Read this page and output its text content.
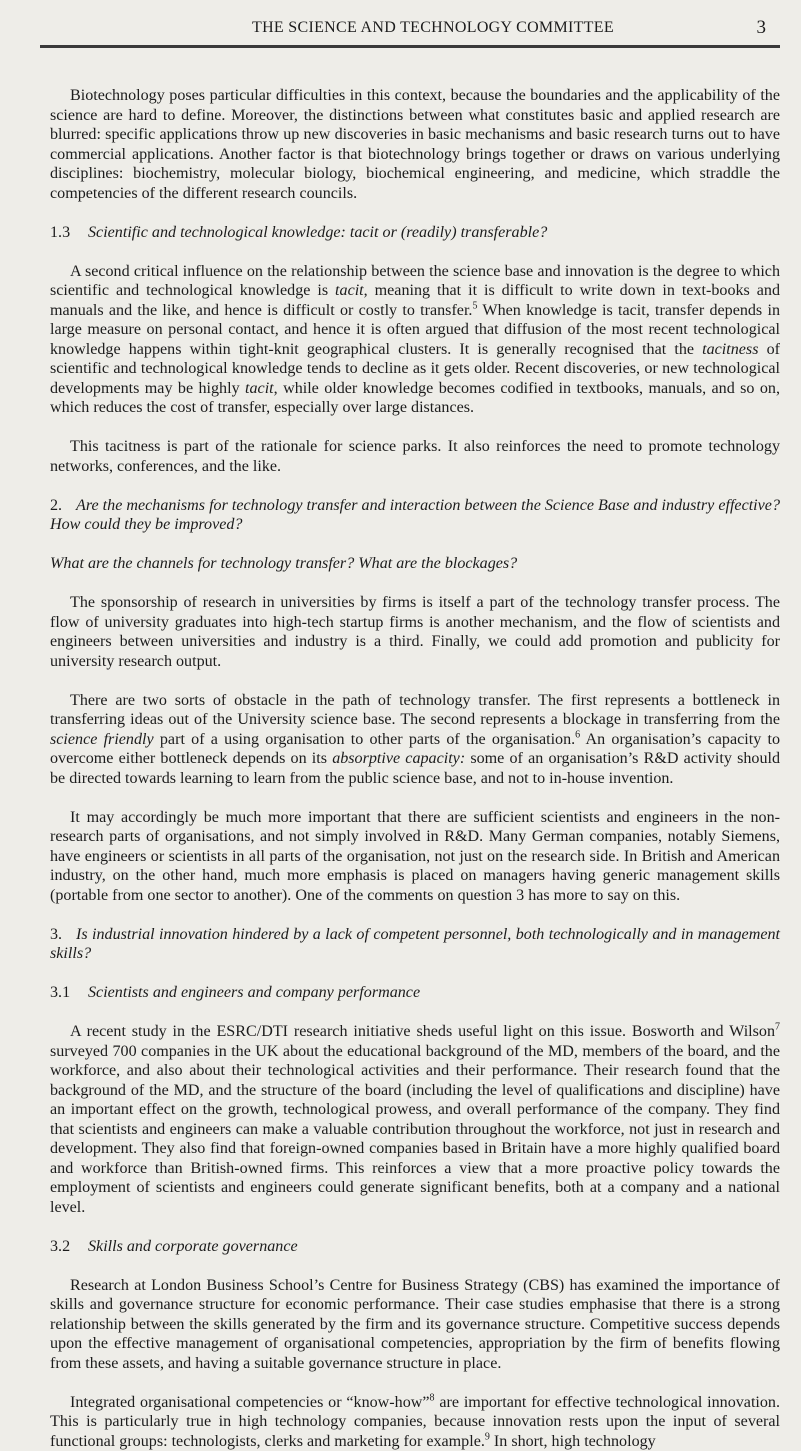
THE SCIENCE AND TECHNOLOGY COMMITTEE	3

Biotechnology poses particular difficulties in this context, because the boundaries and the applicability of the science are hard to define. Moreover, the distinctions between what constitutes basic and applied research are blurred: specific applications throw up new discoveries in basic mechanisms and basic research turns out to have commercial applications. Another factor is that biotechnology brings together or draws on various underlying disciplines: biochemistry, molecular biology, biochemical engineering, and medicine, which straddle the competencies of the different research councils.

1.3 Scientific and technological knowledge: tacit or (readily) transferable?

A second critical influence on the relationship between the science base and innovation is the degree to which scientific and technological knowledge is tacit, meaning that it is difficult to write down in text-books and manuals and the like, and hence is difficult or costly to transfer.$^5$ When knowledge is tacit, transfer depends in large measure on personal contact, and hence it is often argued that diffusion of the most recent technological knowledge happens within tight-knit geographical clusters. It is generally recognised that the tacitness of scientific and technological knowledge tends to decline as it gets older. Recent discoveries, or new technological developments may be highly tacit, while older knowledge becomes codified in textbooks, manuals, and so on, which reduces the cost of transfer, especially over large distances.

This tacitness is part of the rationale for science parks. It also reinforces the need to promote technology networks, conferences, and the like.

2. Are the mechanisms for technology transfer and interaction between the Science Base and industry effective? How could they be improved?

What are the channels for technology transfer? What are the blockages?

The sponsorship of research in universities by firms is itself a part of the technology transfer process. The flow of university graduates into high-tech startup firms is another mechanism, and the flow of scientists and engineers between universities and industry is a third. Finally, we could add promotion and publicity for university research output.

There are two sorts of obstacle in the path of technology transfer. The first represents a bottleneck in transferring ideas out of the University science base. The second represents a blockage in transferring from the science friendly part of a using organisation to other parts of the organisation.$^6$ An organisation’s capacity to overcome either bottleneck depends on its absorptive capacity: some of an organisation’s R&D activity should be directed towards learning to learn from the public science base, and not to in-house invention.

It may accordingly be much more important that there are sufficient scientists and engineers in the non-research parts of organisations, and not simply involved in R&D. Many German companies, notably Siemens, have engineers or scientists in all parts of the organisation, not just on the research side. In British and American industry, on the other hand, much more emphasis is placed on managers having generic management skills (portable from one sector to another). One of the comments on question 3 has more to say on this.

3. Is industrial innovation hindered by a lack of competent personnel, both technologically and in management skills?

3.1 Scientists and engineers and company performance

A recent study in the ESRC/DTI research initiative sheds useful light on this issue. Bosworth and Wilson$^7$ surveyed 700 companies in the UK about the educational background of the MD, members of the board, and the workforce, and also about their technological activities and their performance. Their research found that the background of the MD, and the structure of the board (including the level of qualifications and discipline) have an important effect on the growth, technological prowess, and overall performance of the company. They find that scientists and engineers can make a valuable contribution throughout the workforce, not just in research and development. They also find that foreign-owned companies based in Britain have a more highly qualified board and workforce than British-owned firms. This reinforces a view that a more proactive policy towards the employment of scientists and engineers could generate significant benefits, both at a company and a national level.

3.2 Skills and corporate governance

Research at London Business School’s Centre for Business Strategy (CBS) has examined the importance of skills and governance structure for economic performance. Their case studies emphasise that there is a strong relationship between the skills generated by the firm and its governance structure. Competitive success depends upon the effective management of organisational competencies, appropriation by the firm of benefits flowing from these assets, and having a suitable governance structure in place.

Integrated organisational competencies or “know-how”$^8$ are important for effective technological innovation. This is particularly true in high technology companies, because innovation rests upon the input of several functional groups: technologists, clerks and marketing for example.$^9$ In short, high technology
